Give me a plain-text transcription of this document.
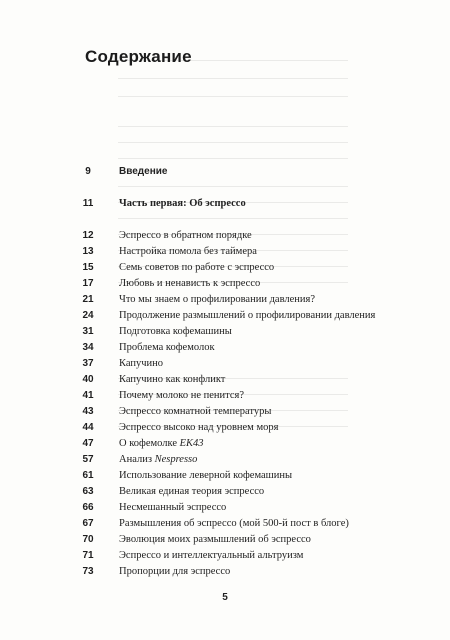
Содержание
9	Введение
11	Часть первая: Об эспрессо
12	Эспрессо в обратном порядке
13	Настройка помола без таймера
15	Семь советов по работе с эспрессо
17	Любовь и ненависть к эспрессо
21	Что мы знаем о профилировании давления?
24	Продолжение размышлений о профилировании давления
31	Подготовка кофемашины
34	Проблема кофемолок
37	Капучино
40	Капучино как конфликт
41	Почему молоко не пенится?
43	Эспрессо комнатной температуры
44	Эспрессо высоко над уровнем моря
47	О кофемолке EK43
57	Анализ Nespresso
61	Использование леверной кофемашины
63	Великая единая теория эспрессо
66	Несмешанный эспрессо
67	Размышления об эспрессо (мой 500-й пост в блоге)
70	Эволюция моих размышлений об эспрессо
71	Эспрессо и интеллектуальный альтруизм
73	Пропорции для эспрессо
5
